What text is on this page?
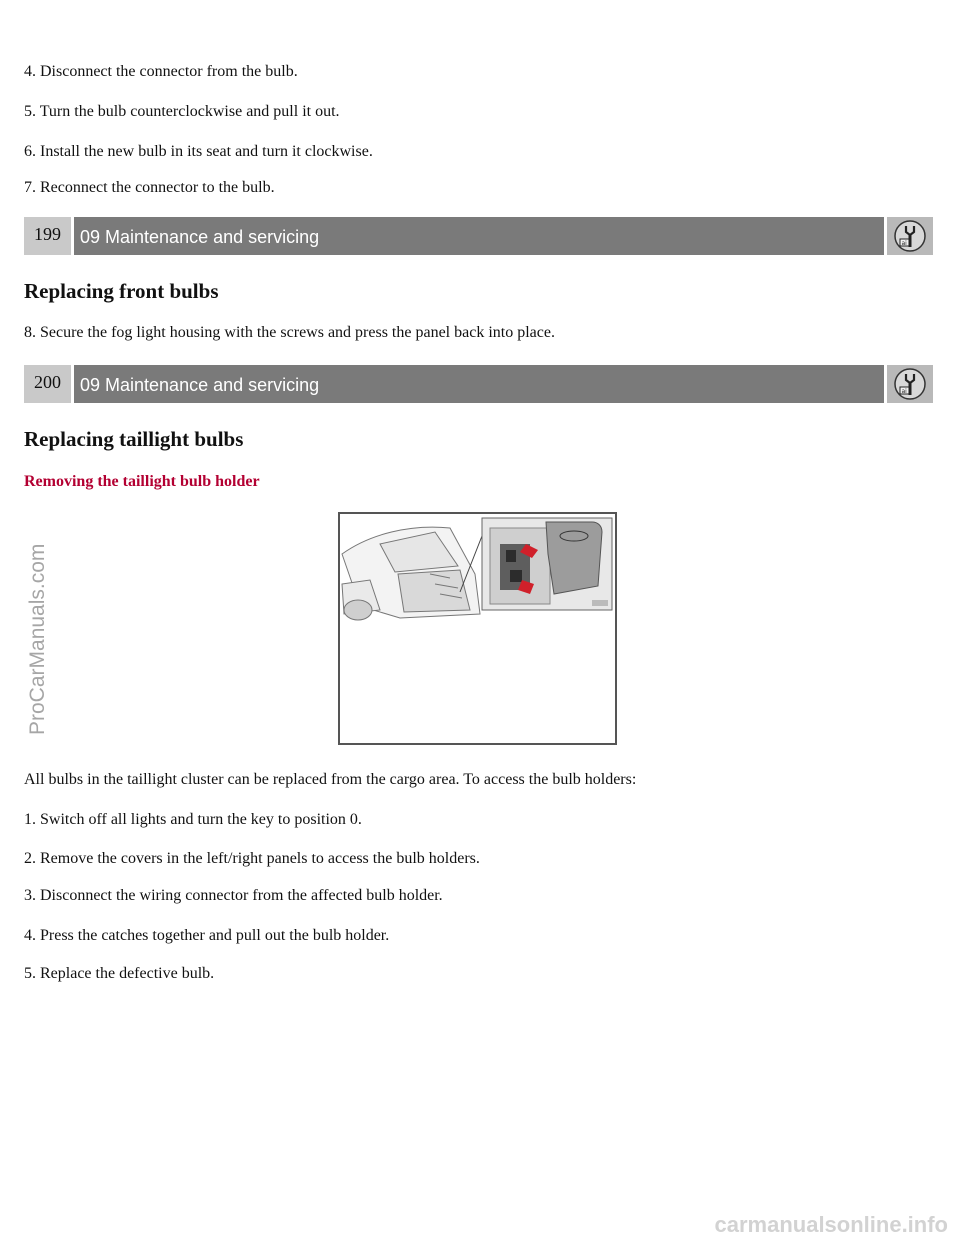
4. Disconnect the connector from the bulb.
5. Turn the bulb counterclockwise and pull it out.
6. Install the new bulb in its seat and turn it clockwise.
7. Reconnect the connector to the bulb.
199	09 Maintenance and servicing	ai
Replacing front bulbs
8. Secure the fog light housing with the screws and press the panel back into place.
200	09 Maintenance and servicing	ai
Replacing taillight bulbs
Removing the taillight bulb holder
All bulbs in the taillight cluster can be replaced from the cargo area. To access the bulb holders:
1. Switch off all lights and turn the key to position 0.
2. Remove the covers in the left/right panels to access the bulb holders.
3. Disconnect the wiring connector from the affected bulb holder.
4. Press the catches together and pull out the bulb holder.
5. Replace the defective bulb.
ProCarManuals.com
carmanualsonline.info
